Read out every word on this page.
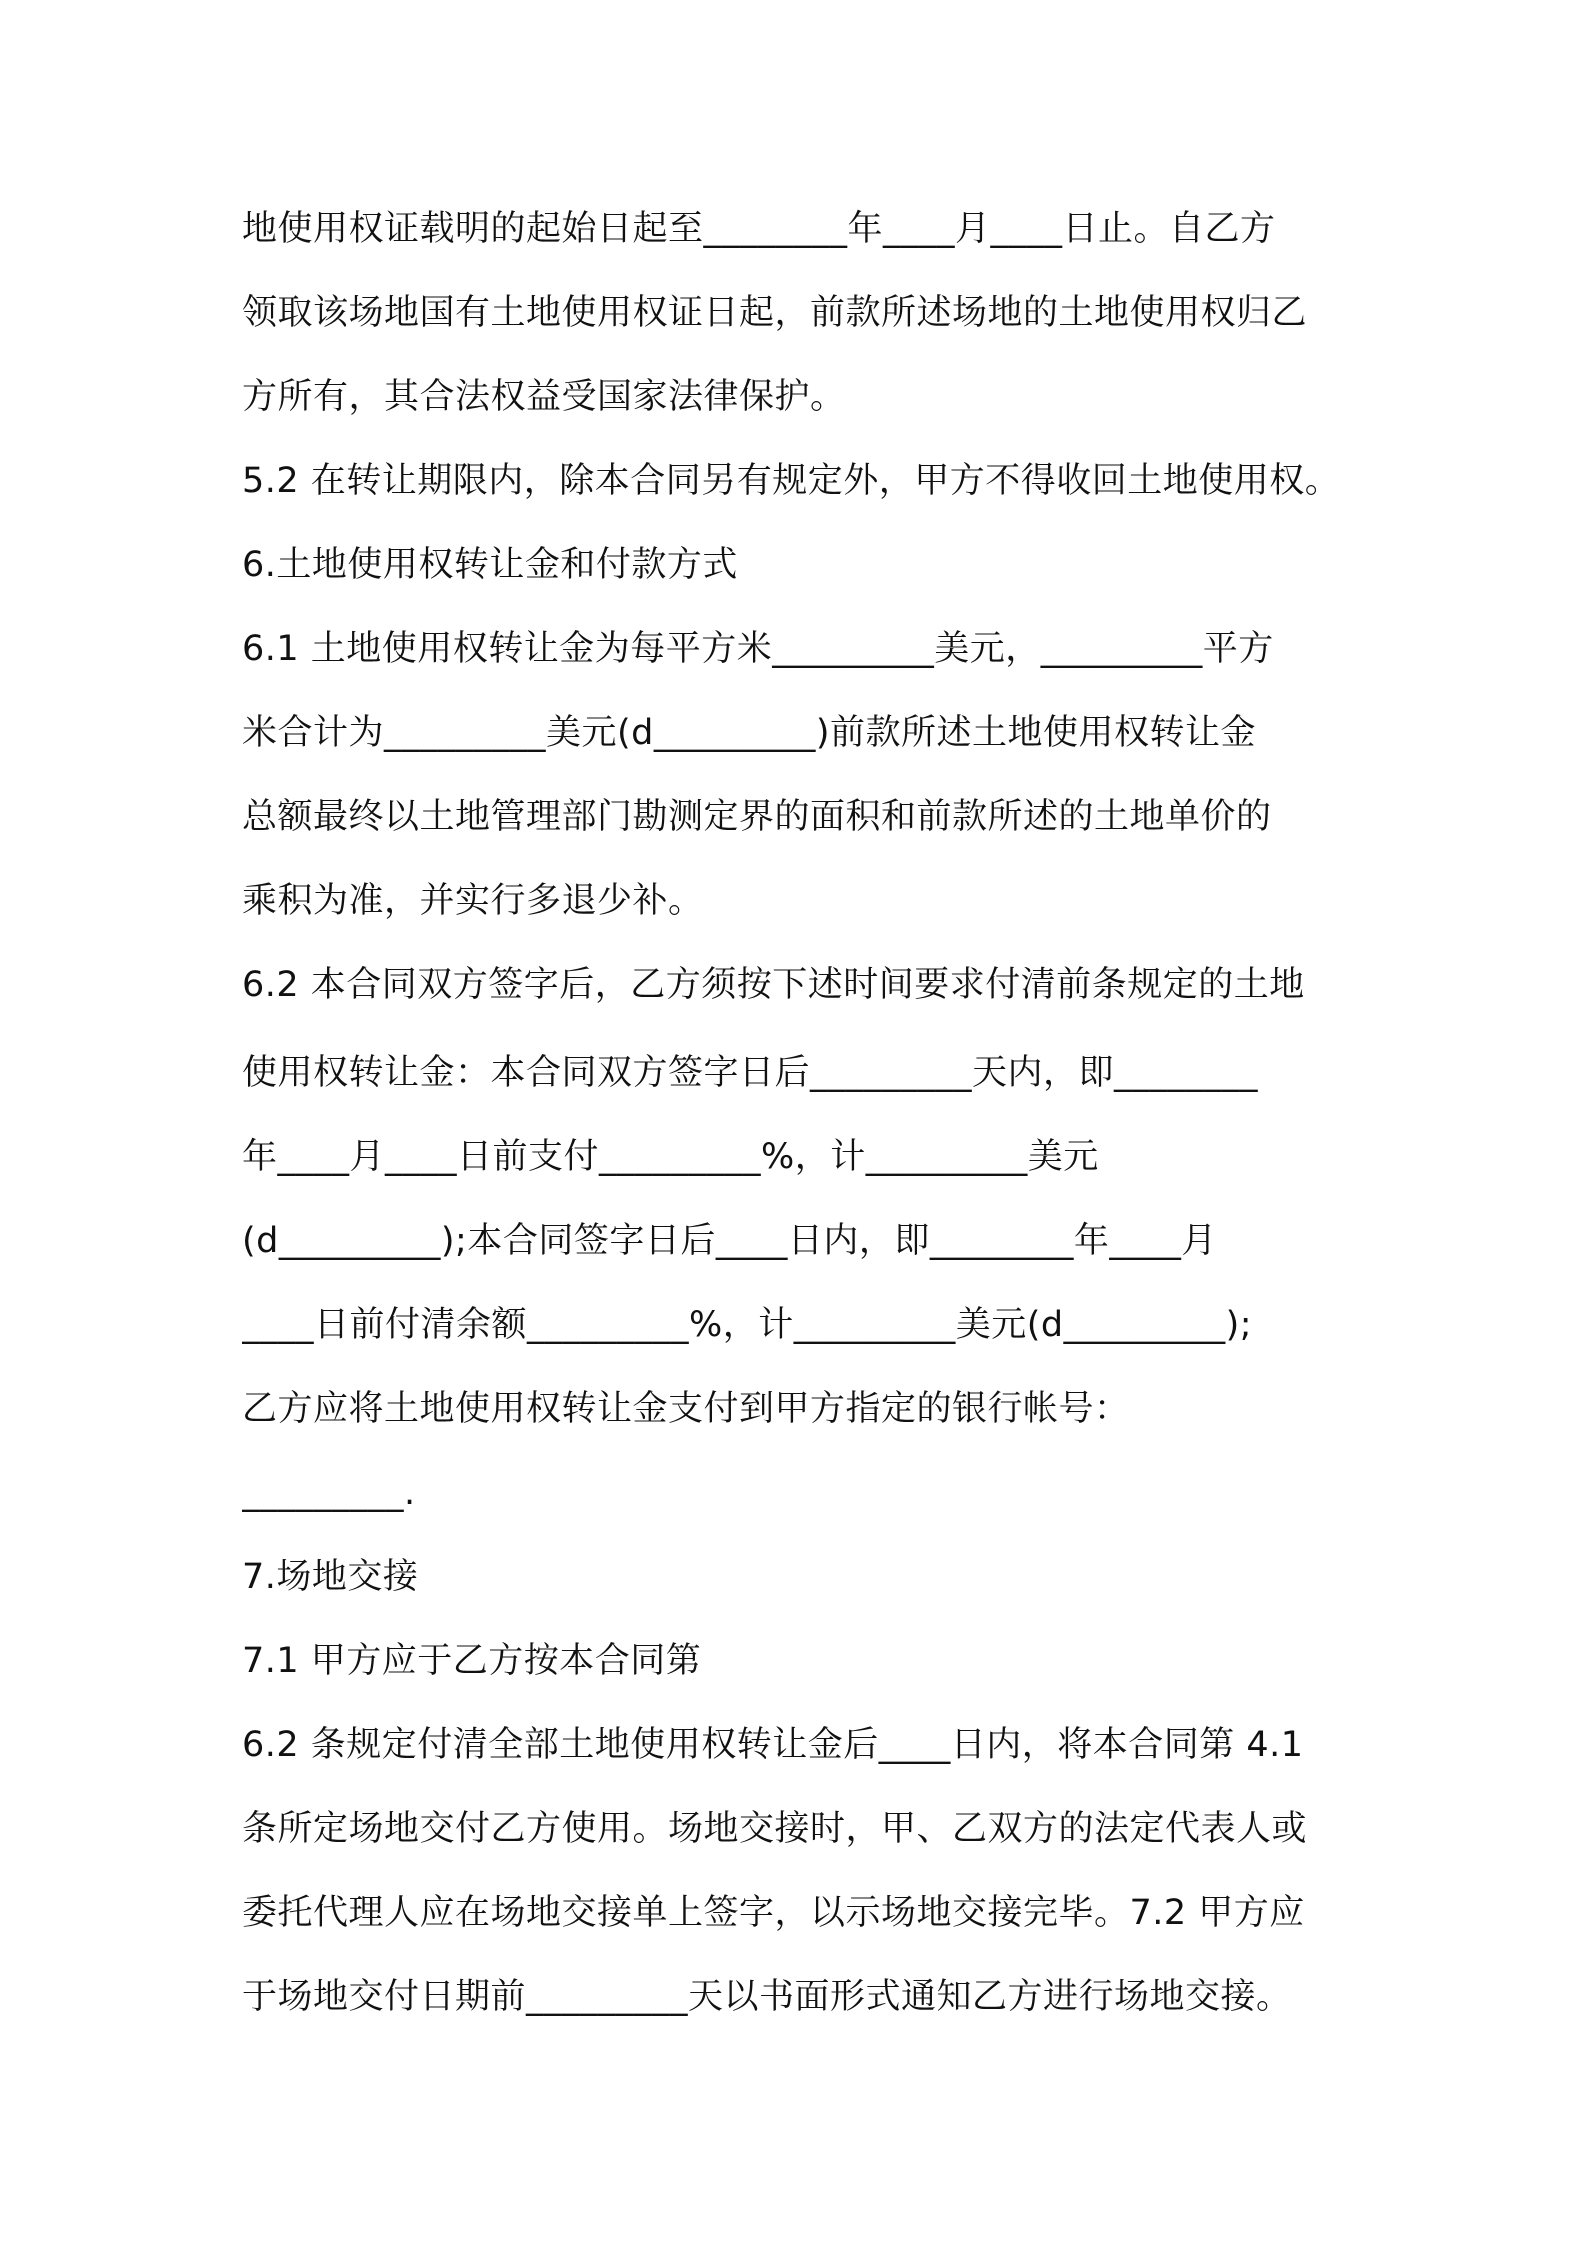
地使用权证载明的起始日起至________年____月____日止。自乙方
领取该场地国有土地使用权证日起，前款所述场地的土地使用权归乙
方所有，其合法权益受国家法律保护。
5.2 在转让期限内，除本合同另有规定外，甲方不得收回土地使用权。
6.土地使用权转让金和付款方式
6.1 土地使用权转让金为每平方米_________美元，_________平方
米合计为_________美元(d_________)前款所述土地使用权转让金
总额最终以土地管理部门勘测定界的面积和前款所述的土地单价的
乘积为准，并实行多退少补。
6.2 本合同双方签字后，乙方须按下述时间要求付清前条规定的土地
使用权转让金：本合同双方签字日后_________天内，即________
年____月____日前支付_________%，计_________美元
(d_________);本合同签字日后____日内，即________年____月
____日前付清余额_________%，计_________美元(d_________);
乙方应将土地使用权转让金支付到甲方指定的银行帐号：
_________.
7.场地交接
7.1 甲方应于乙方按本合同第
6.2 条规定付清全部土地使用权转让金后____日内，将本合同第 4.1
条所定场地交付乙方使用。场地交接时，甲、乙双方的法定代表人或
委托代理人应在场地交接单上签字，以示场地交接完毕。7.2 甲方应
于场地交付日期前_________天以书面形式通知乙方进行场地交接。
